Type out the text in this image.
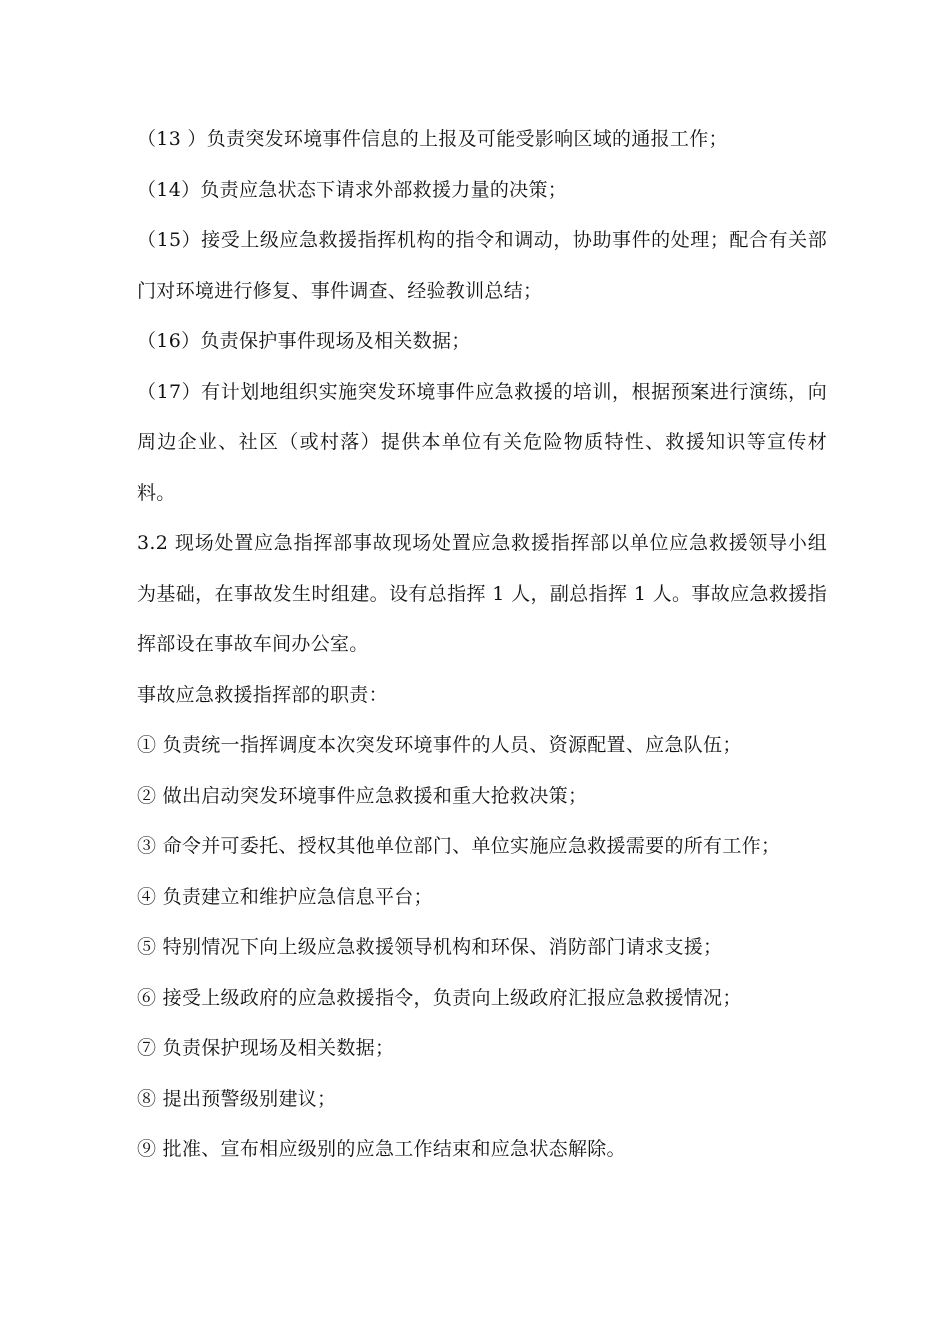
（13 ）负责突发环境事件信息的上报及可能受影响区域的通报工作；

（14）负责应急状态下请求外部救援力量的决策；

（15）接受上级应急救援指挥机构的指令和调动，协助事件的处理；配合有关部门对环境进行修复、事件调查、经验教训总结；

（16）负责保护事件现场及相关数据；

（17）有计划地组织实施突发环境事件应急救援的培训，根据预案进行演练，向周边企业、社区（或村落）提供本单位有关危险物质特性、救援知识等宣传材料。

3.2 现场处置应急指挥部事故现场处置应急救援指挥部以单位应急救援领导小组为基础，在事故发生时组建。设有总指挥 1 人，副总指挥 1 人。事故应急救援指挥部设在事故车间办公室。

事故应急救援指挥部的职责：

① 负责统一指挥调度本次突发环境事件的人员、资源配置、应急队伍；

② 做出启动突发环境事件应急救援和重大抢救决策；

③ 命令并可委托、授权其他单位部门、单位实施应急救援需要的所有工作；

④ 负责建立和维护应急信息平台；

⑤ 特别情况下向上级应急救援领导机构和环保、消防部门请求支援；

⑥ 接受上级政府的应急救援指令，负责向上级政府汇报应急救援情况；

⑦ 负责保护现场及相关数据；

⑧ 提出预警级别建议；

⑨ 批准、宣布相应级别的应急工作结束和应急状态解除。
